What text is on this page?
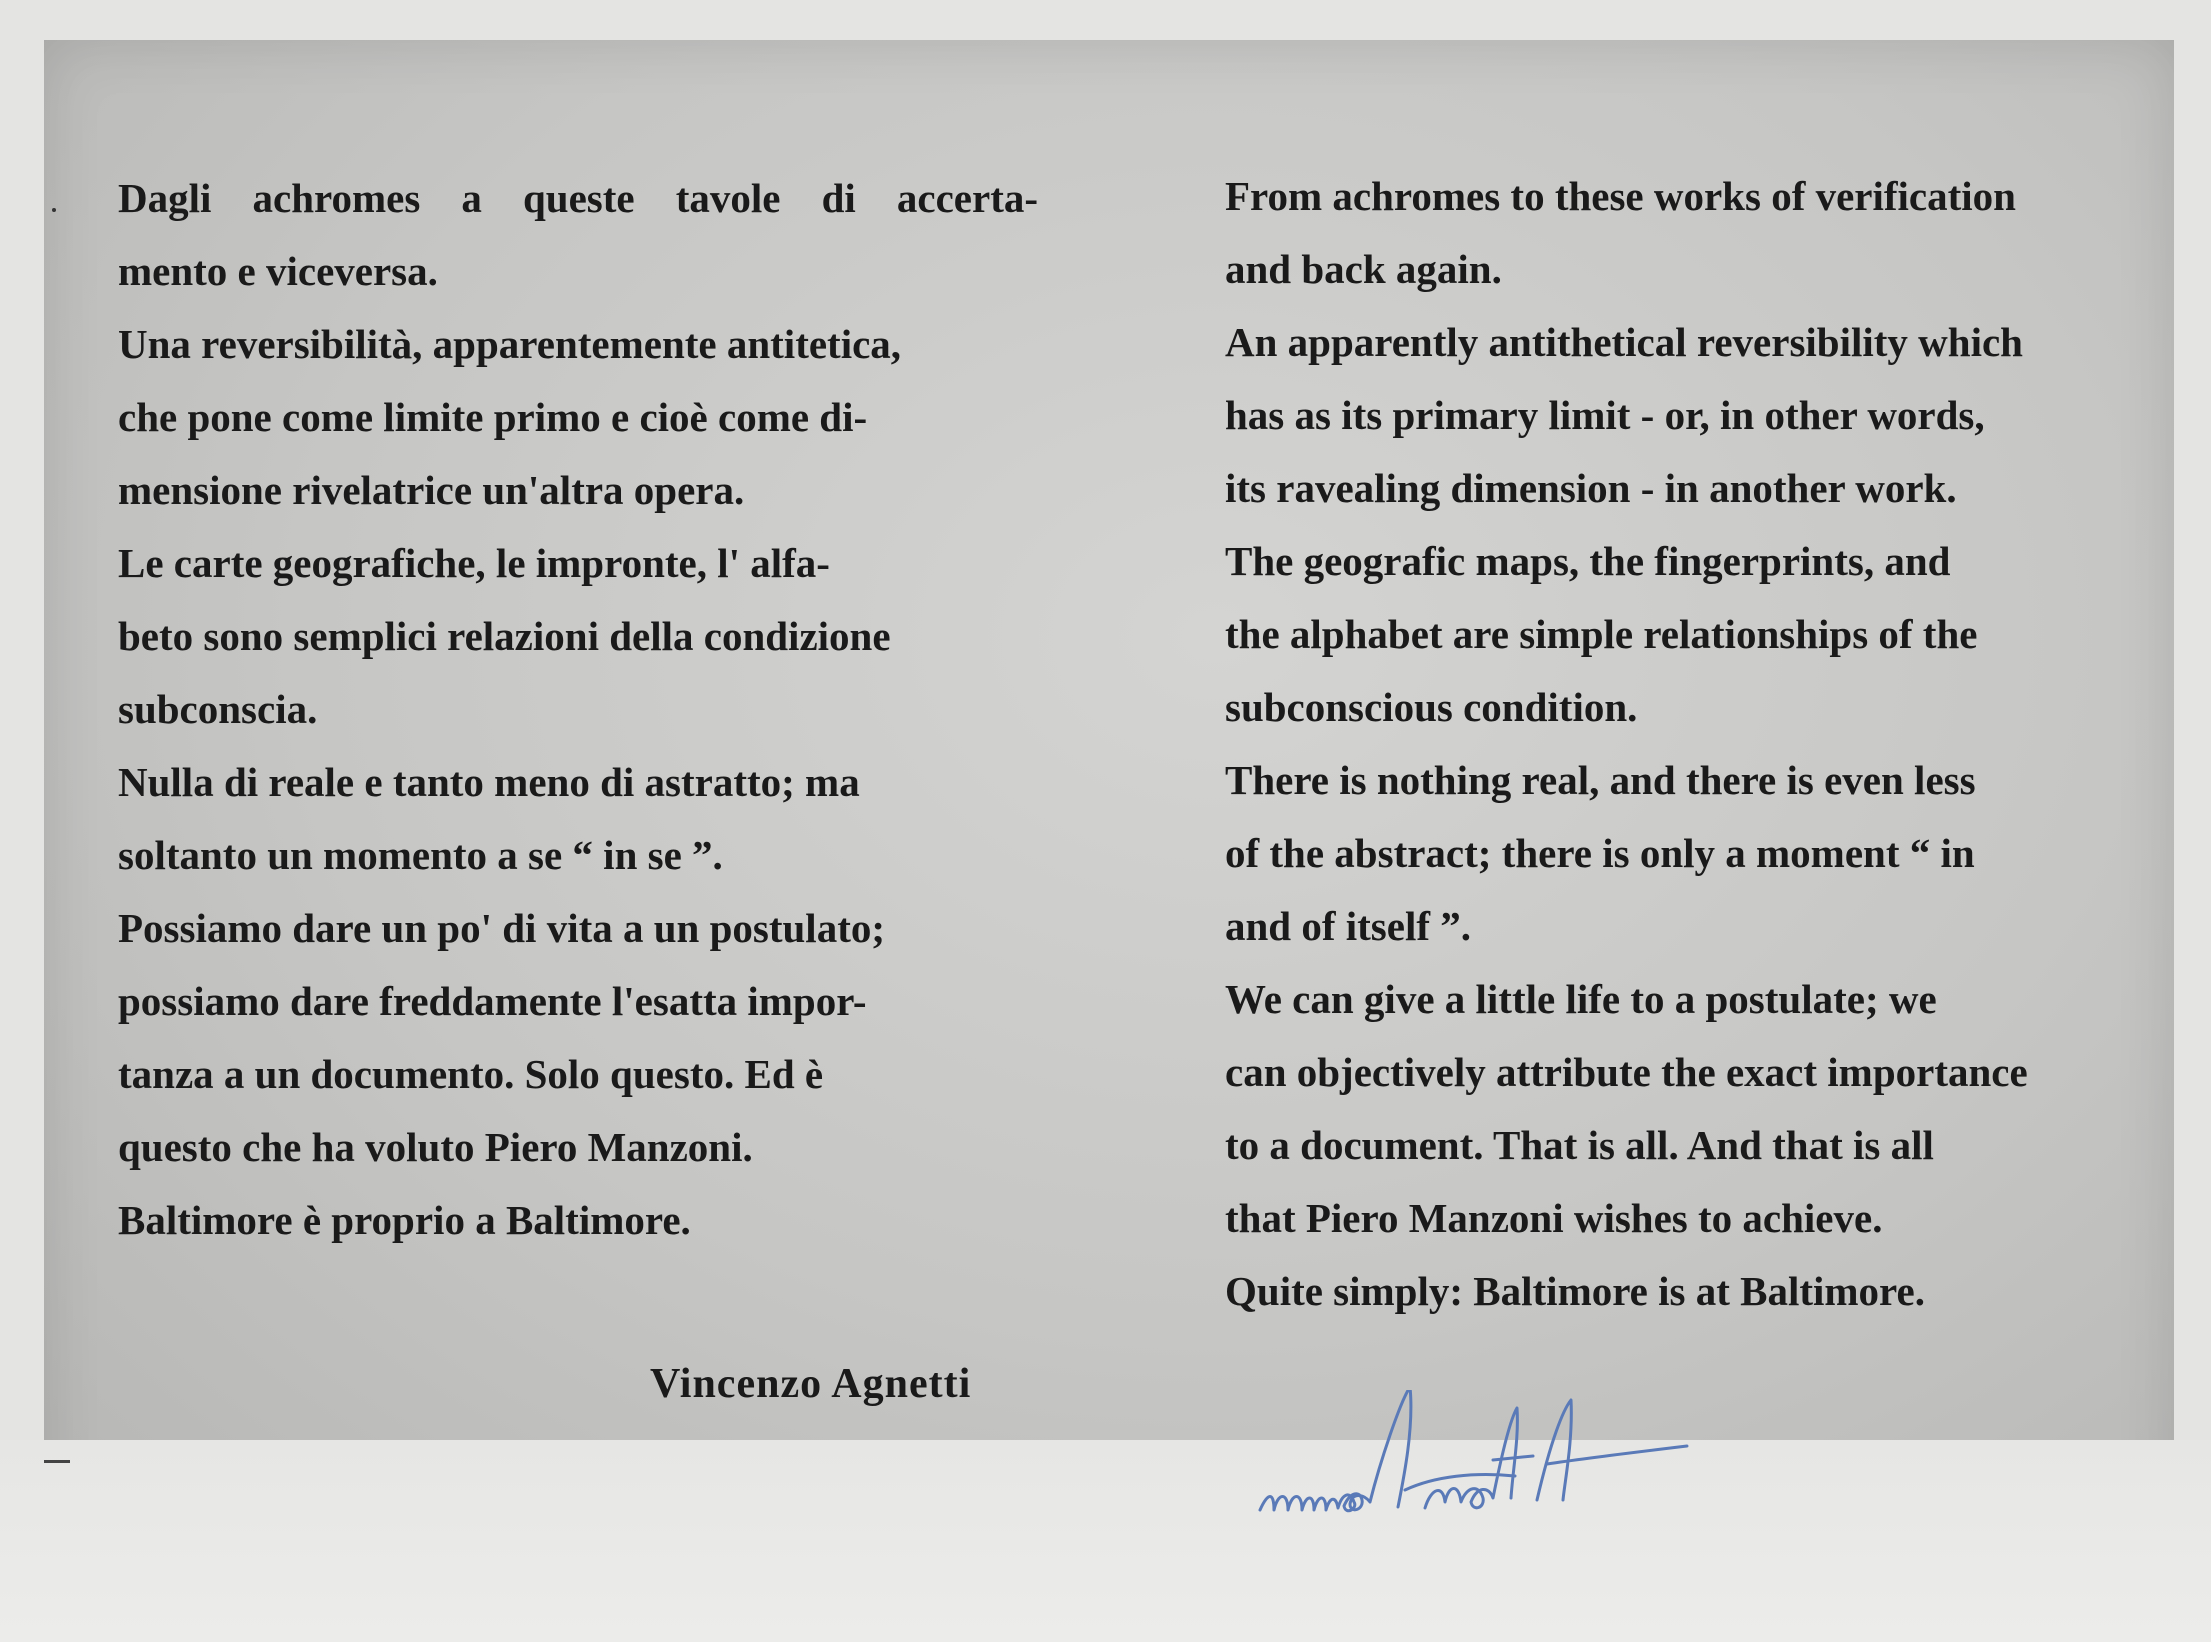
Dagli achromes a queste tavole di accerta-

mento e viceversa.

Una reversibilità, apparentemente antitetica,

che pone come limite primo e cioè come di-

mensione rivelatrice un'altra opera.

Le carte geografiche, le impronte, l' alfa-

beto sono semplici relazioni della condizione

subconscia.

Nulla di reale e tanto meno di astratto; ma

soltanto un momento a se “ in se ”.

Possiamo dare un po' di vita a un postulato;

possiamo dare freddamente l'esatta impor-

tanza a un documento. Solo questo. Ed è

questo che ha voluto Piero Manzoni.

Baltimore è proprio a Baltimore.

Vincenzo Agnetti

From achromes to these works of verification

and back again.

An apparently antithetical reversibility which

has as its primary limit - or, in other words,

its ravealing dimension - in another work.

The geografic maps, the fingerprints, and

the alphabet are simple relationships of the

subconscious condition.

There is nothing real, and there is even less

of the abstract; there is only a moment “ in

and of itself ”.

We can give a little life to a postulate; we

can objectively attribute the exact importance

to a document. That is all. And that is all

that Piero Manzoni wishes to achieve.

Quite simply: Baltimore is at Baltimore.
